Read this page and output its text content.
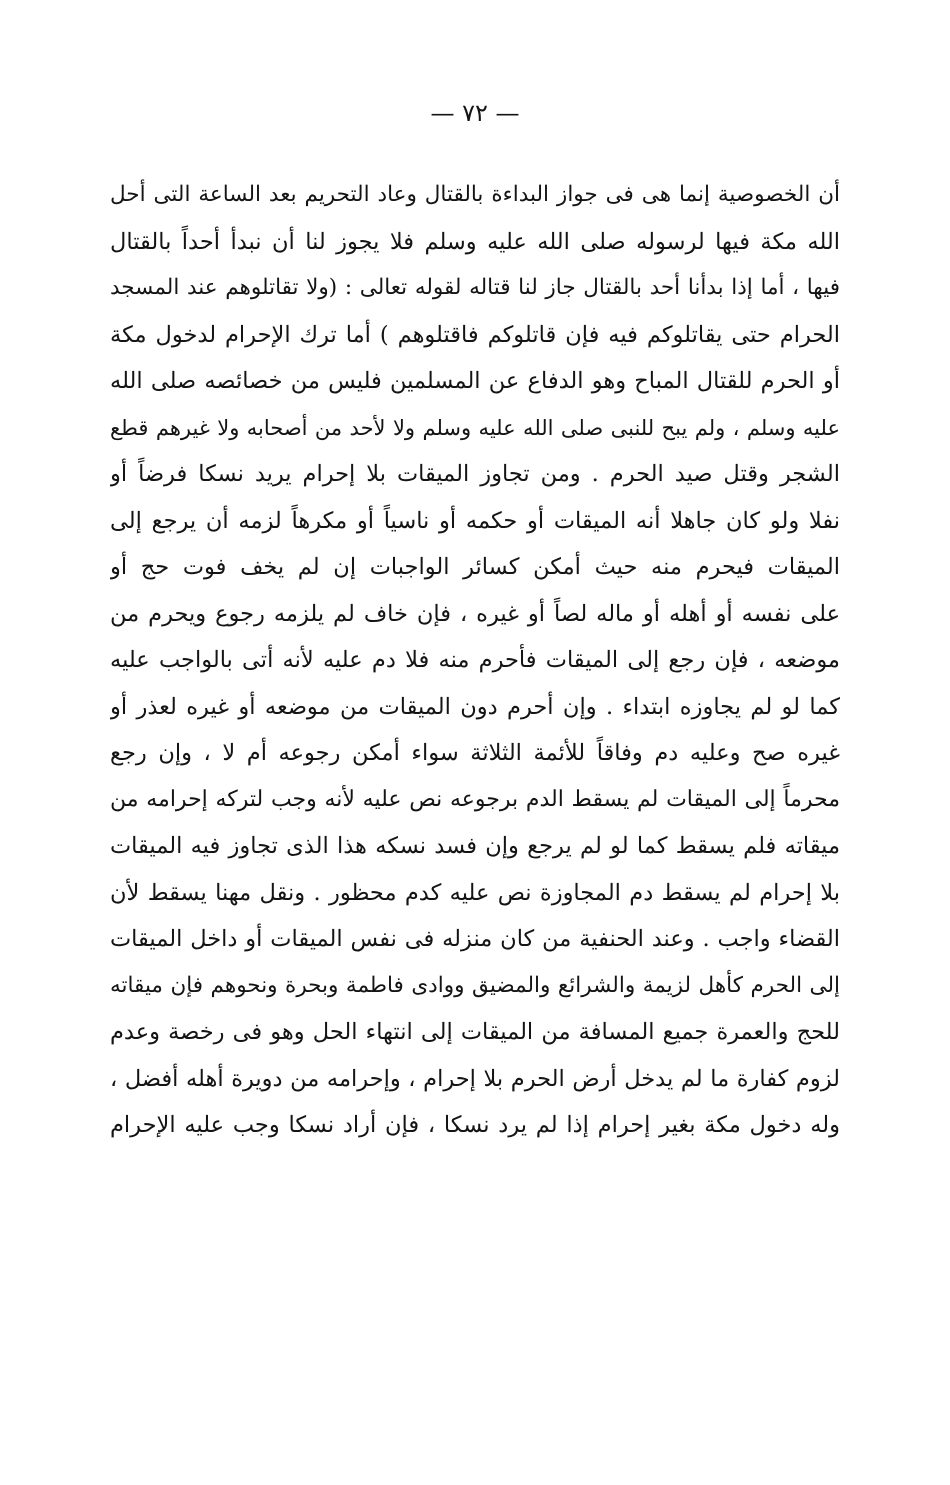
— ٧٢ —
أن الخصوصية إنما هى فى جواز البداءة بالقتال وعاد التحريم بعد الساعة التى أحل
الله مكة فيها لرسوله صلى الله عليه وسلم فلا يجوز لنا أن نبدأ أحداً بالقتال
فيها ، أما إذا بدأنا أحد بالقتال جاز لنا قتاله لقوله تعالى : (ولا تقاتلوهم عند المسجد
الحرام حتى يقاتلوكم فيه فإن قاتلوكم فاقتلوهم ) أما ترك الإحرام لدخول مكة
أو الحرم للقتال المباح وهو الدفاع عن المسلمين فليس من خصائصه صلى الله
عليه وسلم ، ولم يبح للنبى صلى الله عليه وسلم ولا لأحد من أصحابه ولا غيرهم قطع
الشجر وقتل صيد الحرم . ومن تجاوز الميقات بلا إحرام يريد نسكا فرضاً أو
نفلا ولو كان جاهلا أنه الميقات أو حكمه أو ناسياً أو مكرهاً لزمه أن يرجع إلى
الميقات فيحرم منه حيث أمكن كسائر الواجبات إن لم يخف فوت حج أو
على نفسه أو أهله أو ماله لصاً أو غيره ، فإن خاف لم يلزمه رجوع ويحرم من
موضعه ، فإن رجع إلى الميقات فأحرم منه فلا دم عليه لأنه أتى بالواجب عليه
كما لو لم يجاوزه ابتداء . وإن أحرم دون الميقات من موضعه أو غيره لعذر أو
غيره صح وعليه دم وفاقاً للأئمة الثلاثة سواء أمكن رجوعه أم لا ، وإن رجع
محرماً إلى الميقات لم يسقط الدم برجوعه نص عليه لأنه وجب لتركه إحرامه من
ميقاته فلم يسقط كما لو لم يرجع وإن فسد نسكه هذا الذى تجاوز فيه الميقات
بلا إحرام لم يسقط دم المجاوزة نص عليه كدم محظور . ونقل مهنا يسقط لأن
القضاء واجب . وعند الحنفية من كان منزله فى نفس الميقات أو داخل الميقات
إلى الحرم كأهل لزيمة والشرائع والمضيق ووادى فاطمة وبحرة ونحوهم فإن ميقاته
للحج والعمرة جميع المسافة من الميقات إلى انتهاء الحل وهو فى رخصة وعدم
لزوم كفارة ما لم يدخل أرض الحرم بلا إحرام ، وإحرامه من دويرة أهله أفضل ،
وله دخول مكة بغير إحرام إذا لم يرد نسكا ، فإن أراد نسكا وجب عليه الإحرام
